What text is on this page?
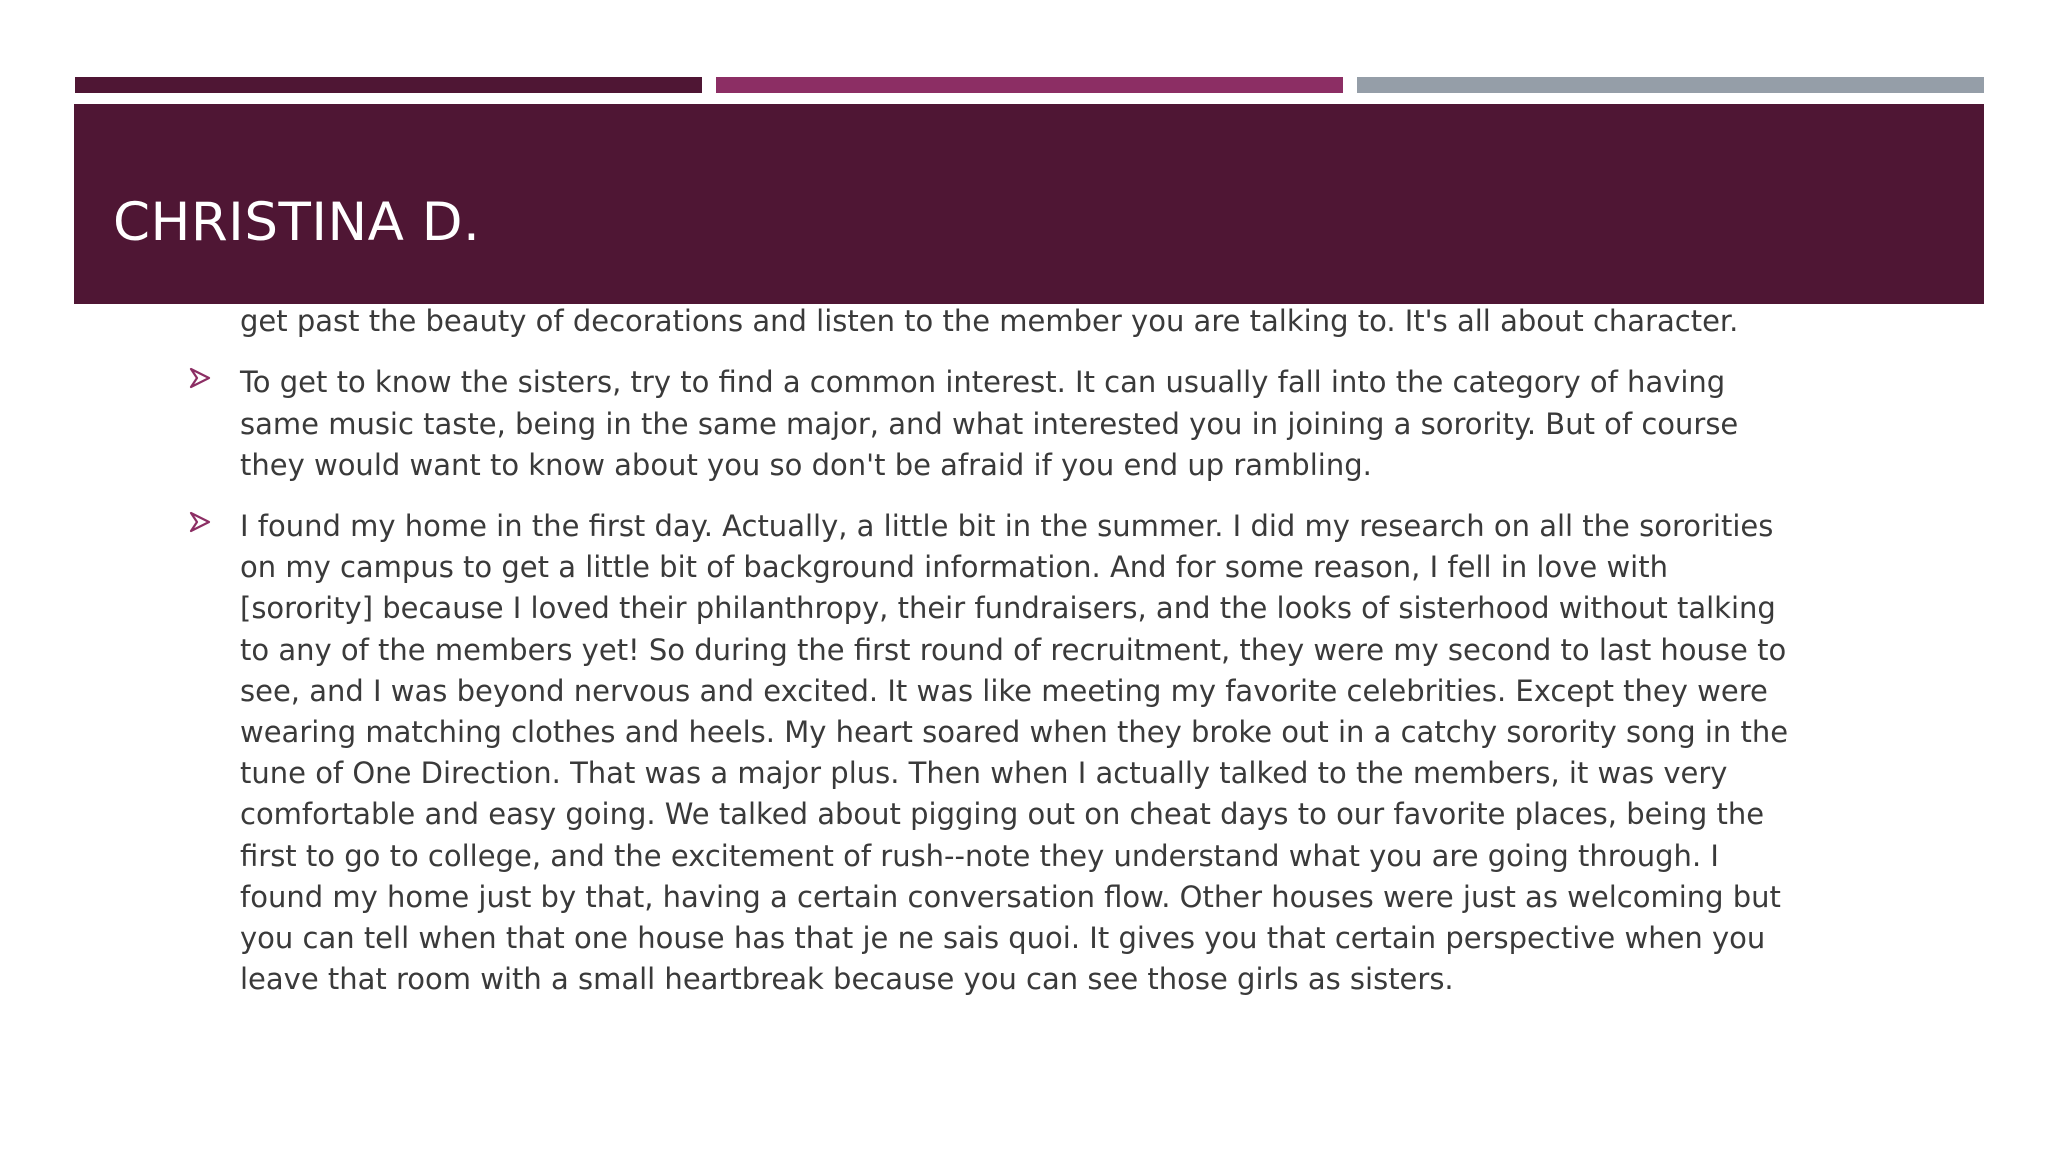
get past the beauty of decorations and listen to the member you are talking to. It's all about character.
To get to know the sisters, try to find a common interest. It can usually fall into the category of having same music taste, being in the same major, and what interested you in joining a sorority. But of course they would want to know about you so don't be afraid if you end up rambling.
I found my home in the first day. Actually, a little bit in the summer. I did my research on all the sororities on my campus to get a little bit of background information. And for some reason, I fell in love with [sorority] because I loved their philanthropy, their fundraisers, and the looks of sisterhood without talking to any of the members yet! So during the first round of recruitment, they were my second to last house to see, and I was beyond nervous and excited. It was like meeting my favorite celebrities. Except they were wearing matching clothes and heels. My heart soared when they broke out in a catchy sorority song in the tune of One Direction. That was a major plus. Then when I actually talked to the members, it was very comfortable and easy going. We talked about pigging out on cheat days to our favorite places, being the first to go to college, and the excitement of rush--note they understand what you are going through. I found my home just by that, having a certain conversation flow. Other houses were just as welcoming but you can tell when that one house has that je ne sais quoi. It gives you that certain perspective when you leave that room with a small heartbreak because you can see those girls as sisters.
CHRISTINA D.
